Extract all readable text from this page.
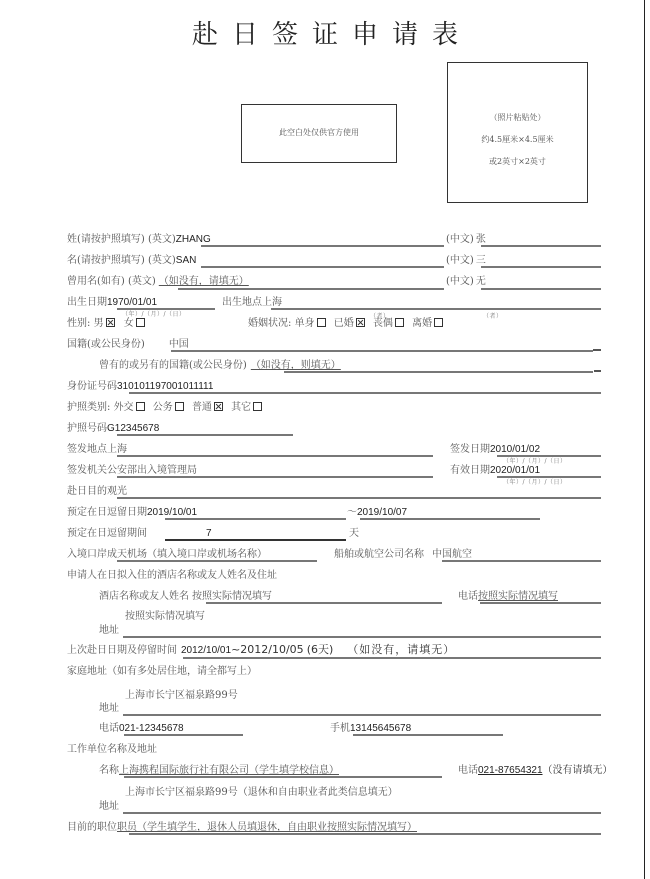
赴日签证申请表
此空白处仅供官方使用
（照片粘贴处）
约4.5厘米×4.5厘米
或2英寸×2英寸
姓(请按护照填写) (英文)ZHANG	(中文) 张
名(请按护照填写) (英文)SAN	(中文) 三
曾用名(如有) (英文) （如没有，请填无）	(中文) 无
出生日期1970/01/01
（年）/（月）/（日）
出生地点上海
性别: 男 女	婚姻状况: 单身 已婚 丧偶 离婚
（者）	（者）
国籍(或公民身份) 中国
曾有的或另有的国籍(或公民身份) （如没有，则填无）
身份证号码310101197001011111
护照类别: 外交 公务 普通 其它
护照号码G12345678
签发地点上海	签发日期2010/01/02
（年）/（月）/（日）
签发机关公安部出入境管理局	有效日期2020/01/01
（年）/（月）/（日）
赴日目的观光
预定在日逗留日期2019/10/01	～2019/10/07
预定在日逗留期间	7	天
入境口岸成天机场（填入境口岸或机场名称）	船舶或航空公司名称 中国航空
申请人在日拟入住的酒店名称或友人姓名及住址
酒店名称或友人姓名 按照实际情况填写	电话按照实际情况填写
按照实际情况填写
地址
上次赴日日期及停留时间 2012/10/01~2012/10/05 (6天) （如没有，请填无）
家庭地址（如有多处居住地，请全都写上）
上海市长宁区福泉路99号
地址
电话021-12345678	手机13145645678
工作单位名称及地址
名称上海携程国际旅行社有限公司（学生填学校信息）	电话021-87654321（没有请填无）
上海市长宁区福泉路99号（退休和自由职业者此类信息填无）
地址
目前的职位职员（学生填学生，退休人员填退休，自由职业按照实际情况填写）
